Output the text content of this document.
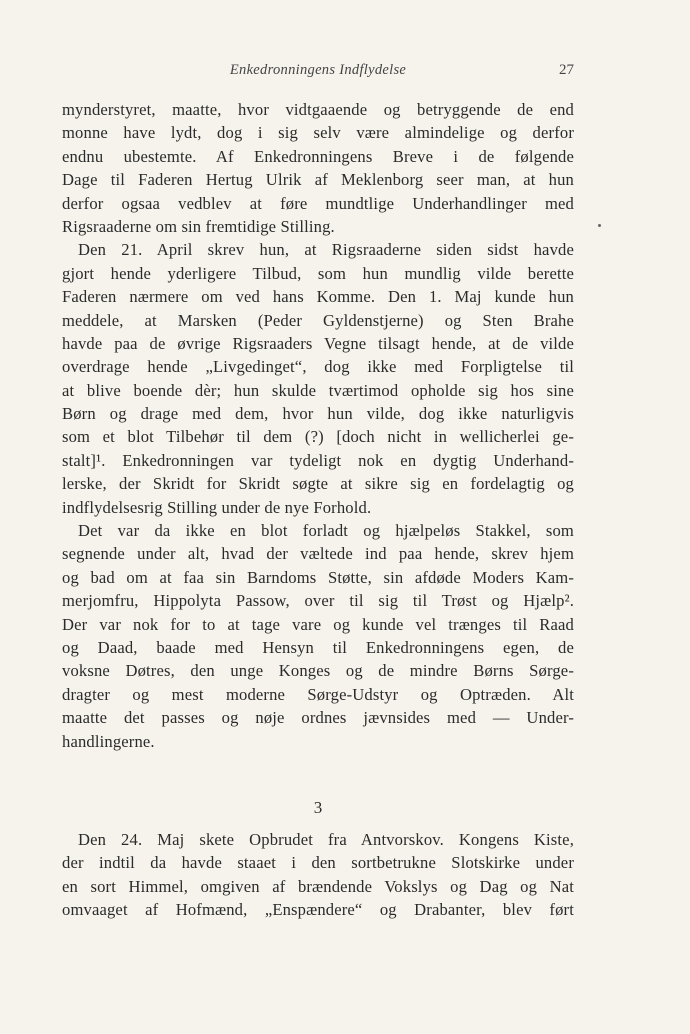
Enkedronningens Indflydelse	27
mynderstyret, maatte, hvor vidtgaaende og betryggende de end
monne have lydt, dog i sig selv være almindelige og derfor
endnu ubestemte. Af Enkedronningens Breve i de følgende
Dage til Faderen Hertug Ulrik af Meklenborg seer man, at hun
derfor ogsaa vedblev at føre mundtlige Underhandlinger med
Rigsraaderne om sin fremtidige Stilling.
Den 21. April skrev hun, at Rigsraaderne siden sidst havde
gjort hende yderligere Tilbud, som hun mundlig vilde berette
Faderen nærmere om ved hans Komme. Den 1. Maj kunde hun
meddele, at Marsken (Peder Gyldenstjerne) og Sten Brahe
havde paa de øvrige Rigsraaders Vegne tilsagt hende, at de vilde
overdrage hende „Livgedinget“, dog ikke med Forpligtelse til
at blive boende dèr; hun skulde tværtimod opholde sig hos sine
Børn og drage med dem, hvor hun vilde, dog ikke naturligvis
som et blot Tilbehør til dem (?) [doch nicht in wellicherlei ge-
stalt]¹. Enkedronningen var tydeligt nok en dygtig Underhand-
lerske, der Skridt for Skridt søgte at sikre sig en fordelagtig og
indflydelsesrig Stilling under de nye Forhold.
Det var da ikke en blot forladt og hjælpeløs Stakkel, som
segnende under alt, hvad der væltede ind paa hende, skrev hjem
og bad om at faa sin Barndoms Støtte, sin afdøde Moders Kam-
merjomfru, Hippolyta Passow, over til sig til Trøst og Hjælp².
Der var nok for to at tage vare og kunde vel trænges til Raad
og Daad, baade med Hensyn til Enkedronningens egen, de
voksne Døtres, den unge Konges og de mindre Børns Sørge-
dragter og mest moderne Sørge-Udstyr og Optræden. Alt
maatte det passes og nøje ordnes jævnsides med — Under-
handlingerne.
3
Den 24. Maj skete Opbrudet fra Antvorskov. Kongens Kiste,
der indtil da havde staaet i den sortbetrukne Slotskirke under
en sort Himmel, omgiven af brændende Vokslys og Dag og Nat
omvaaget af Hofmænd, „Enspændere“ og Drabanter, blev ført
